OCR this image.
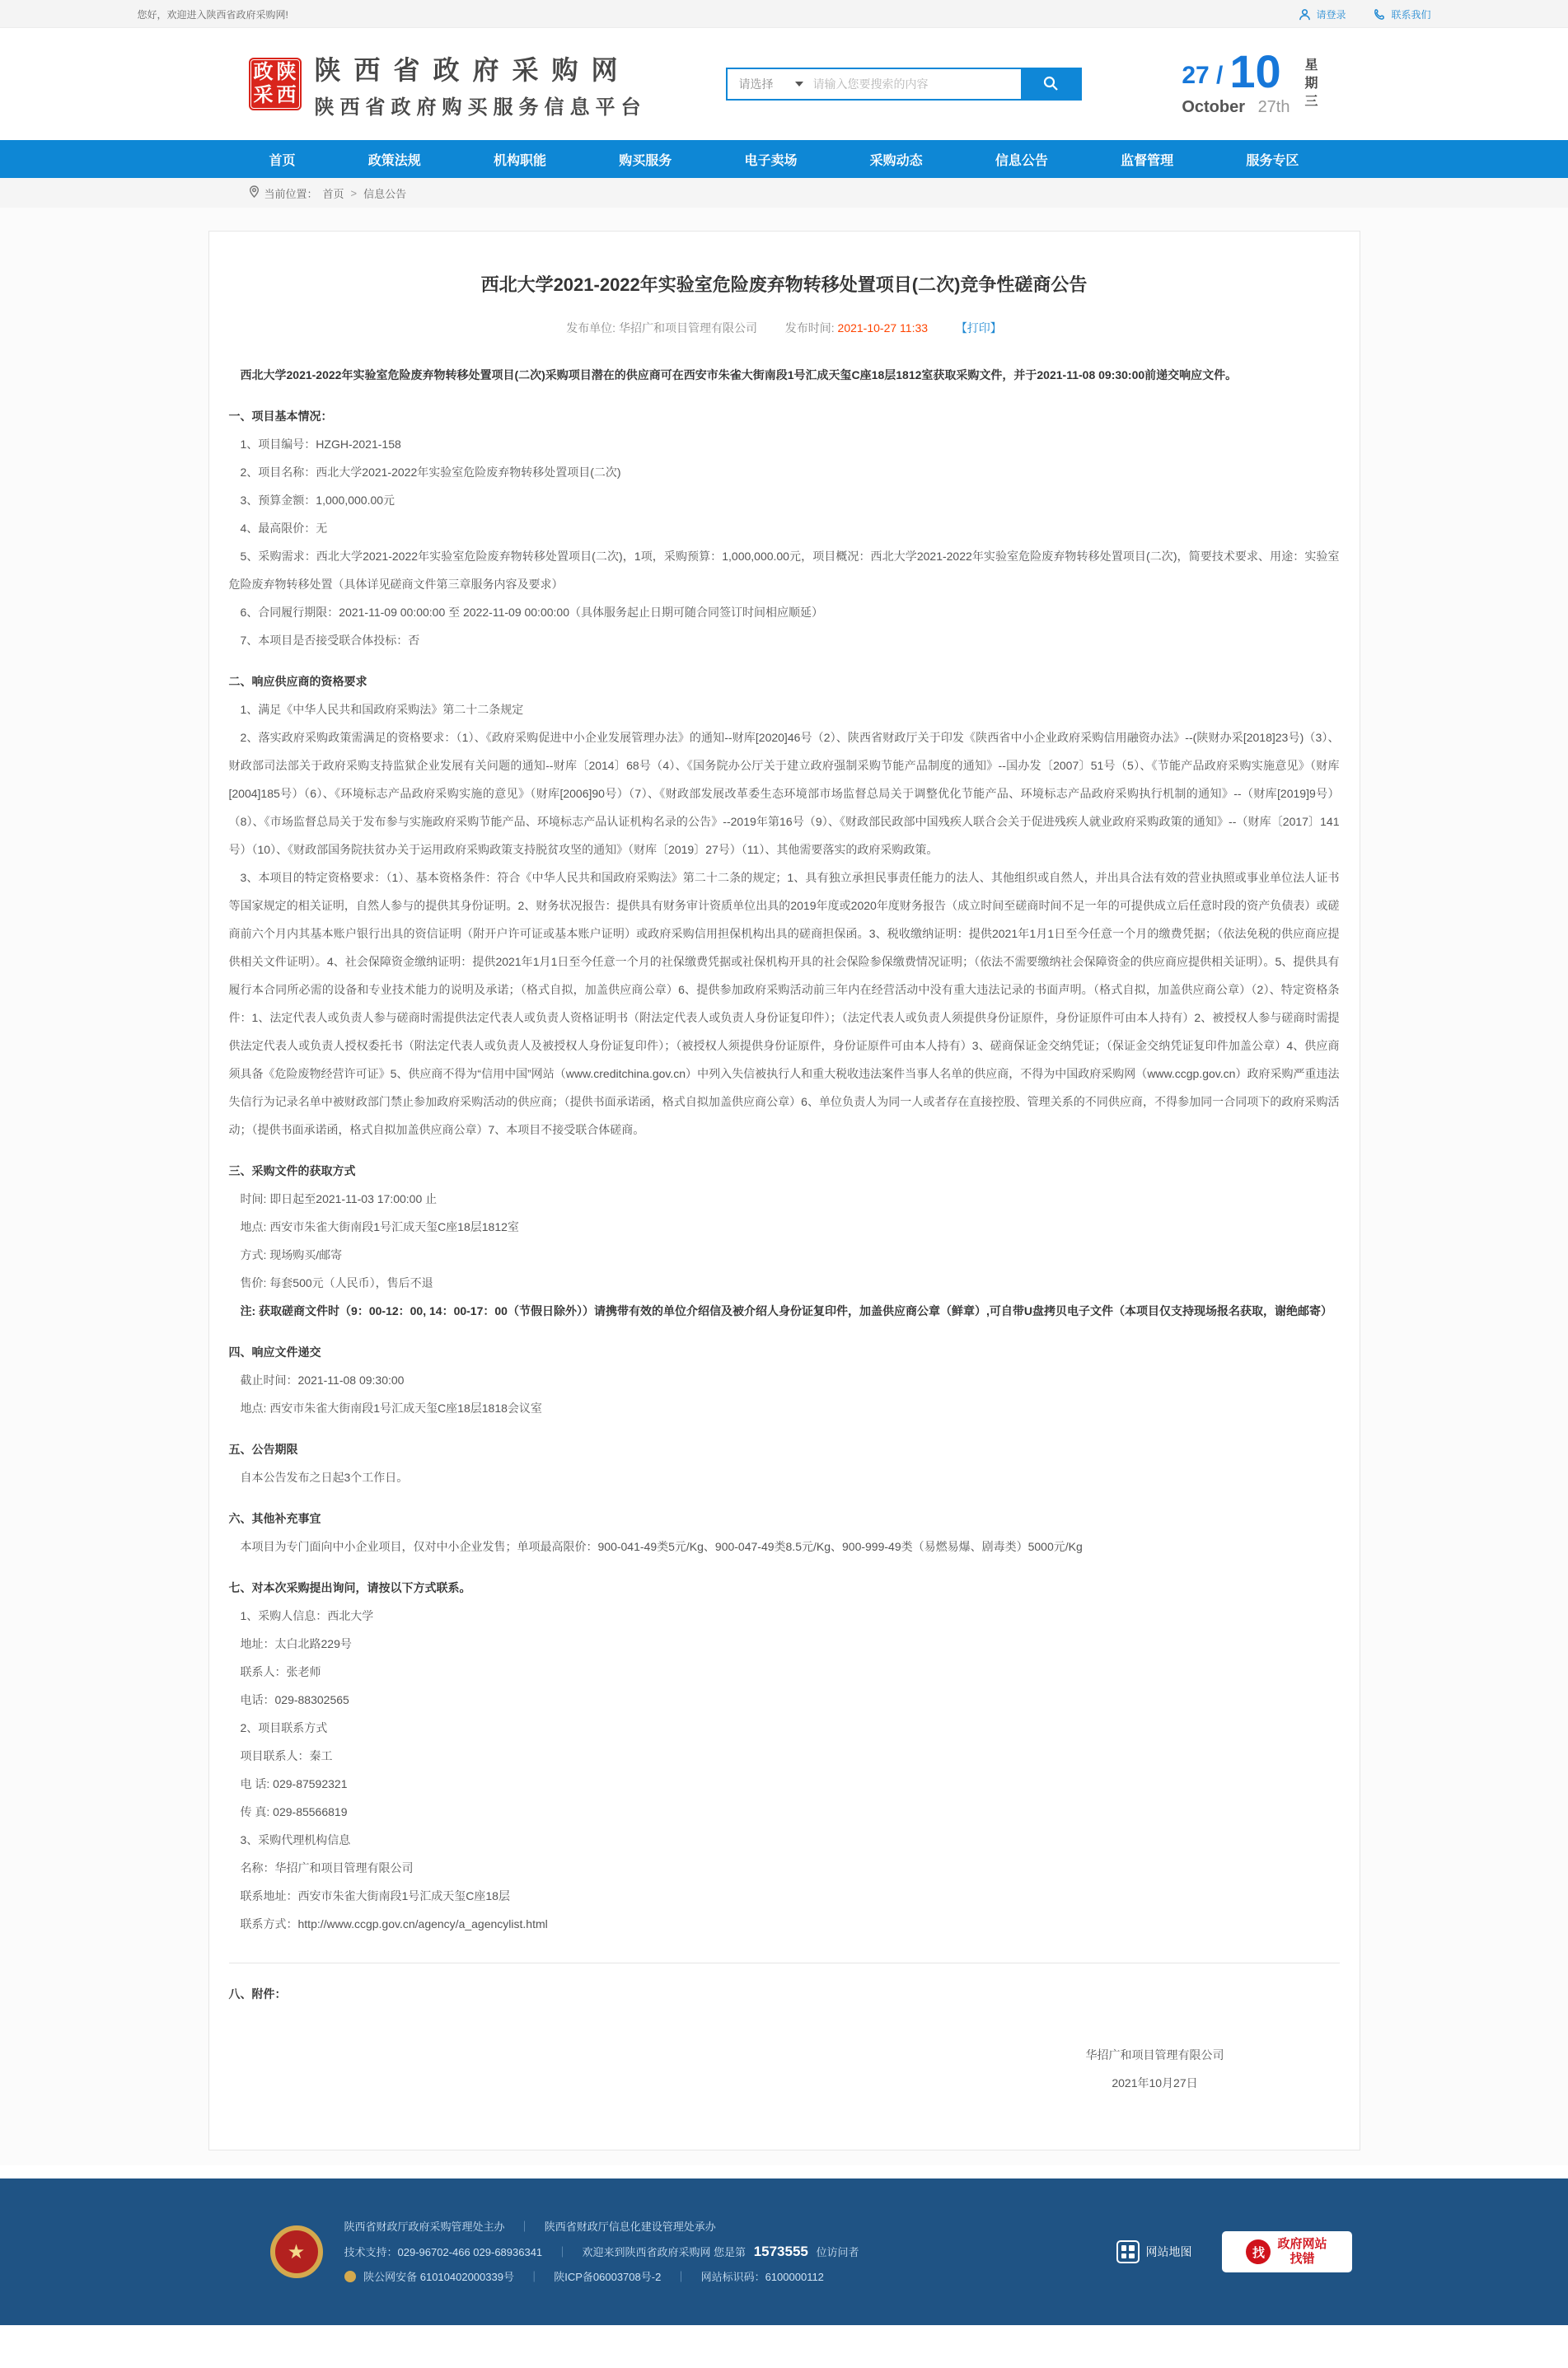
您好，欢迎进入陕西省政府采购网!	请登录	联系我们
政 陕
采 西
陕西省政府采购网
陕西省政府购买服务信息平台
请选择
请输入您要搜索的内容	27 / 10
October 27th
星期三
首页	政策法规	机构职能	购买服务	电子卖场	采购动态	信息公告	监督管理	服务专区
当前位置： 首页 > 信息公告
西北大学2021-2022年实验室危险废弃物转移处置项目(二次)竞争性磋商公告
发布单位: 华招广和项目管理有限公司 发布时间: 2021-10-27 11:33 【打印】

西北大学2021-2022年实验室危险废弃物转移处置项目(二次)采购项目潜在的供应商可在西安市朱雀大街南段1号汇成天玺C座18层1812室获取采购文件，并于2021-11-08 09:30:00前递交响应文件。

一、项目基本情况：

1、项目编号：HZGH-2021-158

2、项目名称：西北大学2021-2022年实验室危险废弃物转移处置项目(二次)

3、预算金额：1,000,000.00元

4、最高限价：无

5、采购需求：西北大学2021-2022年实验室危险废弃物转移处置项目(二次)，1项，采购预算：1,000,000.00元，项目概况：西北大学2021-2022年实验室危险废弃物转移处置项目(二次)，简要技术要求、用途：实验室危险废弃物转移处置（具体详见磋商文件第三章服务内容及要求）

6、合同履行期限：2021-11-09 00:00:00 至 2022-11-09 00:00:00（具体服务起止日期可随合同签订时间相应顺延）

7、本项目是否接受联合体投标：否

二、响应供应商的资格要求

1、满足《中华人民共和国政府采购法》第二十二条规定

2、落实政府采购政策需满足的资格要求：（1）、《政府采购促进中小企业发展管理办法》的通知--财库[2020]46号（2）、陕西省财政厅关于印发《陕西省中小企业政府采购信用融资办法》--(陕财办采[2018]23号)（3）、财政部司法部关于政府采购支持监狱企业发展有关问题的通知--财库〔2014〕68号（4）、《国务院办公厅关于建立政府强制采购节能产品制度的通知》--国办发〔2007〕51号（5）、《节能产品政府采购实施意见》（财库[2004]185号）（6）、《环境标志产品政府采购实施的意见》（财库[2006]90号）（7）、《财政部发展改革委生态环境部市场监督总局关于调整优化节能产品、环境标志产品政府采购执行机制的通知》--（财库[2019]9号）（8）、《市场监督总局关于发布参与实施政府采购节能产品、环境标志产品认证机构名录的公告》--2019年第16号（9）、《财政部民政部中国残疾人联合会关于促进残疾人就业政府采购政策的通知》--（财库〔2017〕141号）（10）、《财政部国务院扶贫办关于运用政府采购政策支持脱贫攻坚的通知》（财库〔2019〕27号）（11）、其他需要落实的政府采购政策。

3、本项目的特定资格要求：（1）、基本资格条件：符合《中华人民共和国政府采购法》第二十二条的规定；1、具有独立承担民事责任能力的法人、其他组织或自然人，并出具合法有效的营业执照或事业单位法人证书等国家规定的相关证明，自然人参与的提供其身份证明。2、财务状况报告：提供具有财务审计资质单位出具的2019年度或2020年度财务报告（成立时间至磋商时间不足一年的可提供成立后任意时段的资产负债表）或磋商前六个月内其基本账户银行出具的资信证明（附开户许可证或基本账户证明）或政府采购信用担保机构出具的磋商担保函。3、税收缴纳证明：提供2021年1月1日至今任意一个月的缴费凭据；（依法免税的供应商应提供相关文件证明）。4、社会保障资金缴纳证明：提供2021年1月1日至今任意一个月的社保缴费凭据或社保机构开具的社会保险参保缴费情况证明；（依法不需要缴纳社会保障资金的供应商应提供相关证明）。5、提供具有履行本合同所必需的设备和专业技术能力的说明及承诺；（格式自拟，加盖供应商公章）6、提供参加政府采购活动前三年内在经营活动中没有重大违法记录的书面声明。（格式自拟，加盖供应商公章）（2）、特定资格条件：1、法定代表人或负责人参与磋商时需提供法定代表人或负责人资格证明书（附法定代表人或负责人身份证复印件）；（法定代表人或负责人须提供身份证原件，身份证原件可由本人持有）2、被授权人参与磋商时需提供法定代表人或负责人授权委托书（附法定代表人或负责人及被授权人身份证复印件）；（被授权人须提供身份证原件，身份证原件可由本人持有）3、磋商保证金交纳凭证；（保证金交纳凭证复印件加盖公章）4、供应商须具备《危险废物经营许可证》5、供应商不得为“信用中国”网站（www.creditchina.gov.cn）中列入失信被执行人和重大税收违法案件当事人名单的供应商，不得为中国政府采购网（www.ccgp.gov.cn）政府采购严重违法失信行为记录名单中被财政部门禁止参加政府采购活动的供应商；（提供书面承诺函，格式自拟加盖供应商公章）6、单位负责人为同一人或者存在直接控股、管理关系的不同供应商，不得参加同一合同项下的政府采购活动；（提供书面承诺函，格式自拟加盖供应商公章）7、本项目不接受联合体磋商。

三、采购文件的获取方式

时间: 即日起至2021-11-03 17:00:00 止

地点: 西安市朱雀大街南段1号汇成天玺C座18层1812室

方式: 现场购买/邮寄

售价: 每套500元（人民币），售后不退

注: 获取磋商文件时（9：00-12：00, 14：00-17：00（节假日除外））请携带有效的单位介绍信及被介绍人身份证复印件，加盖供应商公章（鲜章）,可自带U盘拷贝电子文件（本项目仅支持现场报名获取，谢绝邮寄）

四、响应文件递交

截止时间：2021-11-08 09:30:00

地点: 西安市朱雀大街南段1号汇成天玺C座18层1818会议室

五、公告期限

自本公告发布之日起3个工作日。

六、其他补充事宜

本项目为专门面向中小企业项目，仅对中小企业发售；单项最高限价：900-041-49类5元/Kg、900-047-49类8.5元/Kg、900-999-49类（易燃易爆、剧毒类）5000元/Kg

七、对本次采购提出询问，请按以下方式联系。

1、采购人信息：西北大学

地址：太白北路229号

联系人：张老师

电话：029-88302565

2、项目联系方式

项目联系人：秦工

电 话: 029-87592321

传 真: 029-85566819

3、采购代理机构信息

名称：华招广和项目管理有限公司

联系地址：西安市朱雀大街南段1号汇成天玺C座18层

联系方式：http://www.ccgp.gov.cn/agency/a_agencylist.html

八、附件：

华招广和项目管理有限公司
2021年10月27日
★
陕西省财政厅政府采购管理处主办 ｜ 陕西省财政厅信息化建设管理处承办
技术支持：029-96702-466 029-68936341 ｜ 欢迎来到陕西省政府采购网 您是第 1573555 位访问者
陕公网安备 61010402000339号 ｜ 陕ICP备06003708号-2 ｜ 网站标识码：6100000112
网站地图	找
政府网站
找错
